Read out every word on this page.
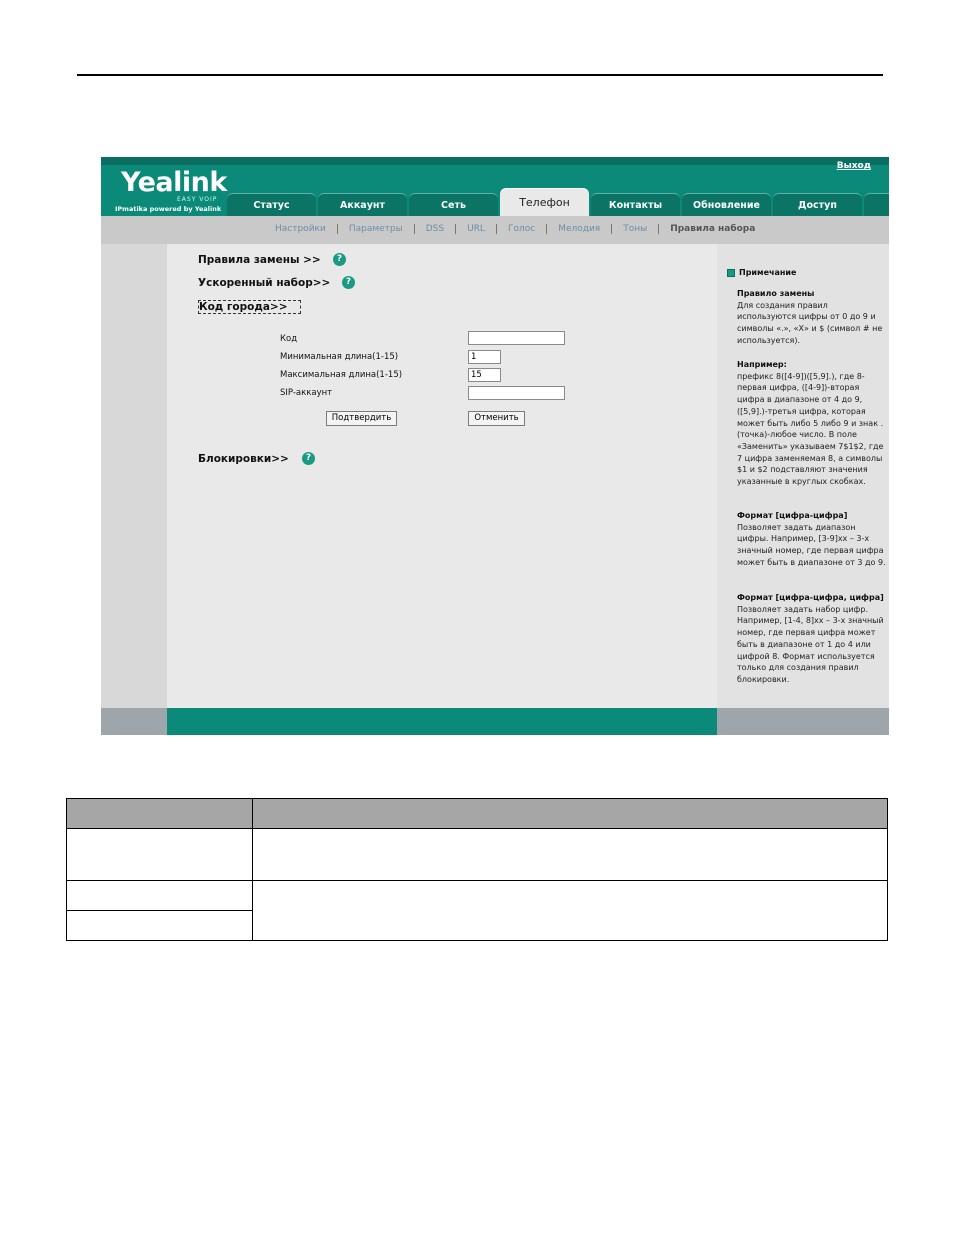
Yealink
EASY VOIP
IPmatika powered by Yealink
Выход
Статус	Аккаунт	Сеть	Телефон	Контакты	Обновление	Доступ
Настройки	Параметры	DSS	URL	Голос	Мелодия	Тоны	Правила набора
Правила замены >>	?
Ускоренный набор>>	?
Код города>>
Код
Минимальная длина(1-15)
1
Максимальная длина(1-15)
15
SIP-аккаунт
Подтвердить	Отменить
Блокировки>>	?
Примечание
Правило замены
Для создания правил используются цифры от 0 до 9 и символы «.», «X» и $ (символ # не используется).
Например:
префикс 8([4-9])([5,9].), где 8-первая цифра, ([4-9])-вторая цифра в диапазоне от 4 до 9, ([5,9].)-третья цифра, которая может быть либо 5 либо 9 и знак .(точка)-любое число. В поле «Заменить» указываем 7$1$2, где 7 цифра заменяемая 8, а символы $1 и $2 подставляют значения указанные в круглых скобках.
Формат [цифра-цифра]
Позволяет задать диапазон цифры. Например, [3-9]xx – 3-х значный номер, где первая цифра может быть в диапазоне от 3 до 9.
Формат [цифра-цифра, цифра]
Позволяет задать набор цифр. Например, [1-4, 8]xx – 3-х значный номер, где первая цифра может быть в диапазоне от 1 до 4 или цифрой 8. Формат используется только для создания правил блокировки.
